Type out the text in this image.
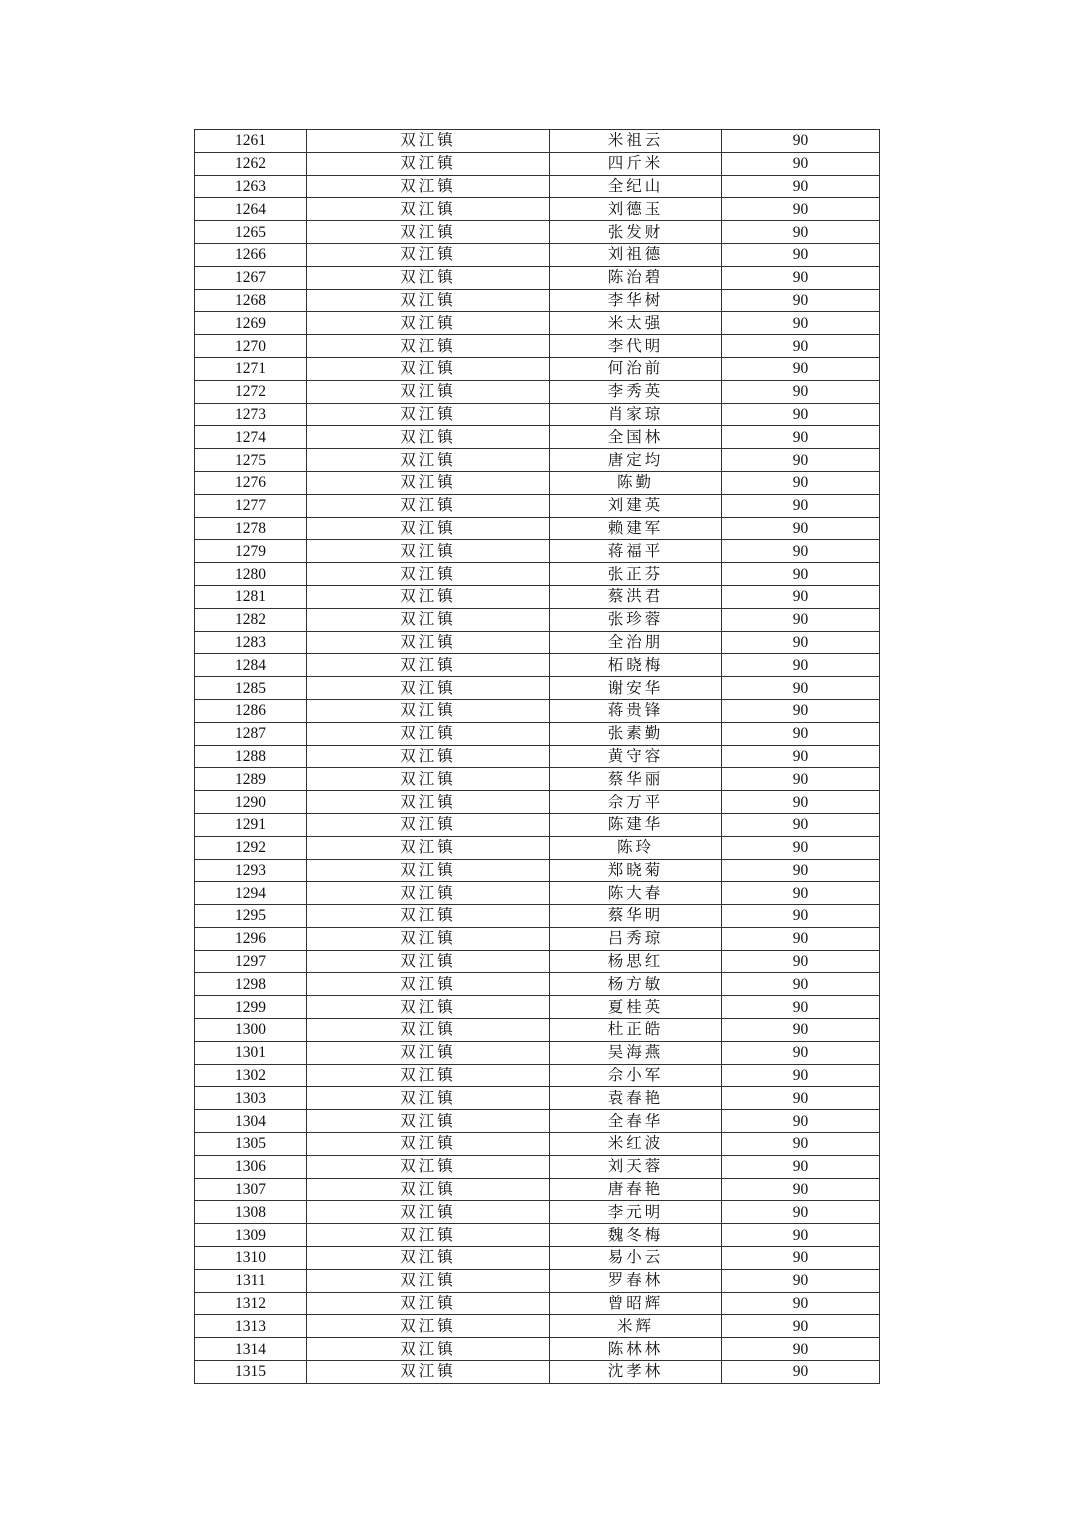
1261	双江镇	米祖云	90
1262	双江镇	四斤米	90
1263	双江镇	全纪山	90
1264	双江镇	刘德玉	90
1265	双江镇	张发财	90
1266	双江镇	刘祖德	90
1267	双江镇	陈治碧	90
1268	双江镇	李华树	90
1269	双江镇	米太强	90
1270	双江镇	李代明	90
1271	双江镇	何治前	90
1272	双江镇	李秀英	90
1273	双江镇	肖家琼	90
1274	双江镇	全国林	90
1275	双江镇	唐定均	90
1276	双江镇	陈勤	90
1277	双江镇	刘建英	90
1278	双江镇	赖建军	90
1279	双江镇	蒋福平	90
1280	双江镇	张正芬	90
1281	双江镇	蔡洪君	90
1282	双江镇	张珍蓉	90
1283	双江镇	全治朋	90
1284	双江镇	柘晓梅	90
1285	双江镇	谢安华	90
1286	双江镇	蒋贵锋	90
1287	双江镇	张素勤	90
1288	双江镇	黄守容	90
1289	双江镇	蔡华丽	90
1290	双江镇	佘万平	90
1291	双江镇	陈建华	90
1292	双江镇	陈玲	90
1293	双江镇	郑晓菊	90
1294	双江镇	陈大春	90
1295	双江镇	蔡华明	90
1296	双江镇	吕秀琼	90
1297	双江镇	杨思红	90
1298	双江镇	杨方敏	90
1299	双江镇	夏桂英	90
1300	双江镇	杜正皓	90
1301	双江镇	吴海燕	90
1302	双江镇	佘小军	90
1303	双江镇	袁春艳	90
1304	双江镇	全春华	90
1305	双江镇	米红波	90
1306	双江镇	刘天蓉	90
1307	双江镇	唐春艳	90
1308	双江镇	李元明	90
1309	双江镇	魏冬梅	90
1310	双江镇	易小云	90
1311	双江镇	罗春林	90
1312	双江镇	曾昭辉	90
1313	双江镇	米辉	90
1314	双江镇	陈林林	90
1315	双江镇	沈孝林	90
